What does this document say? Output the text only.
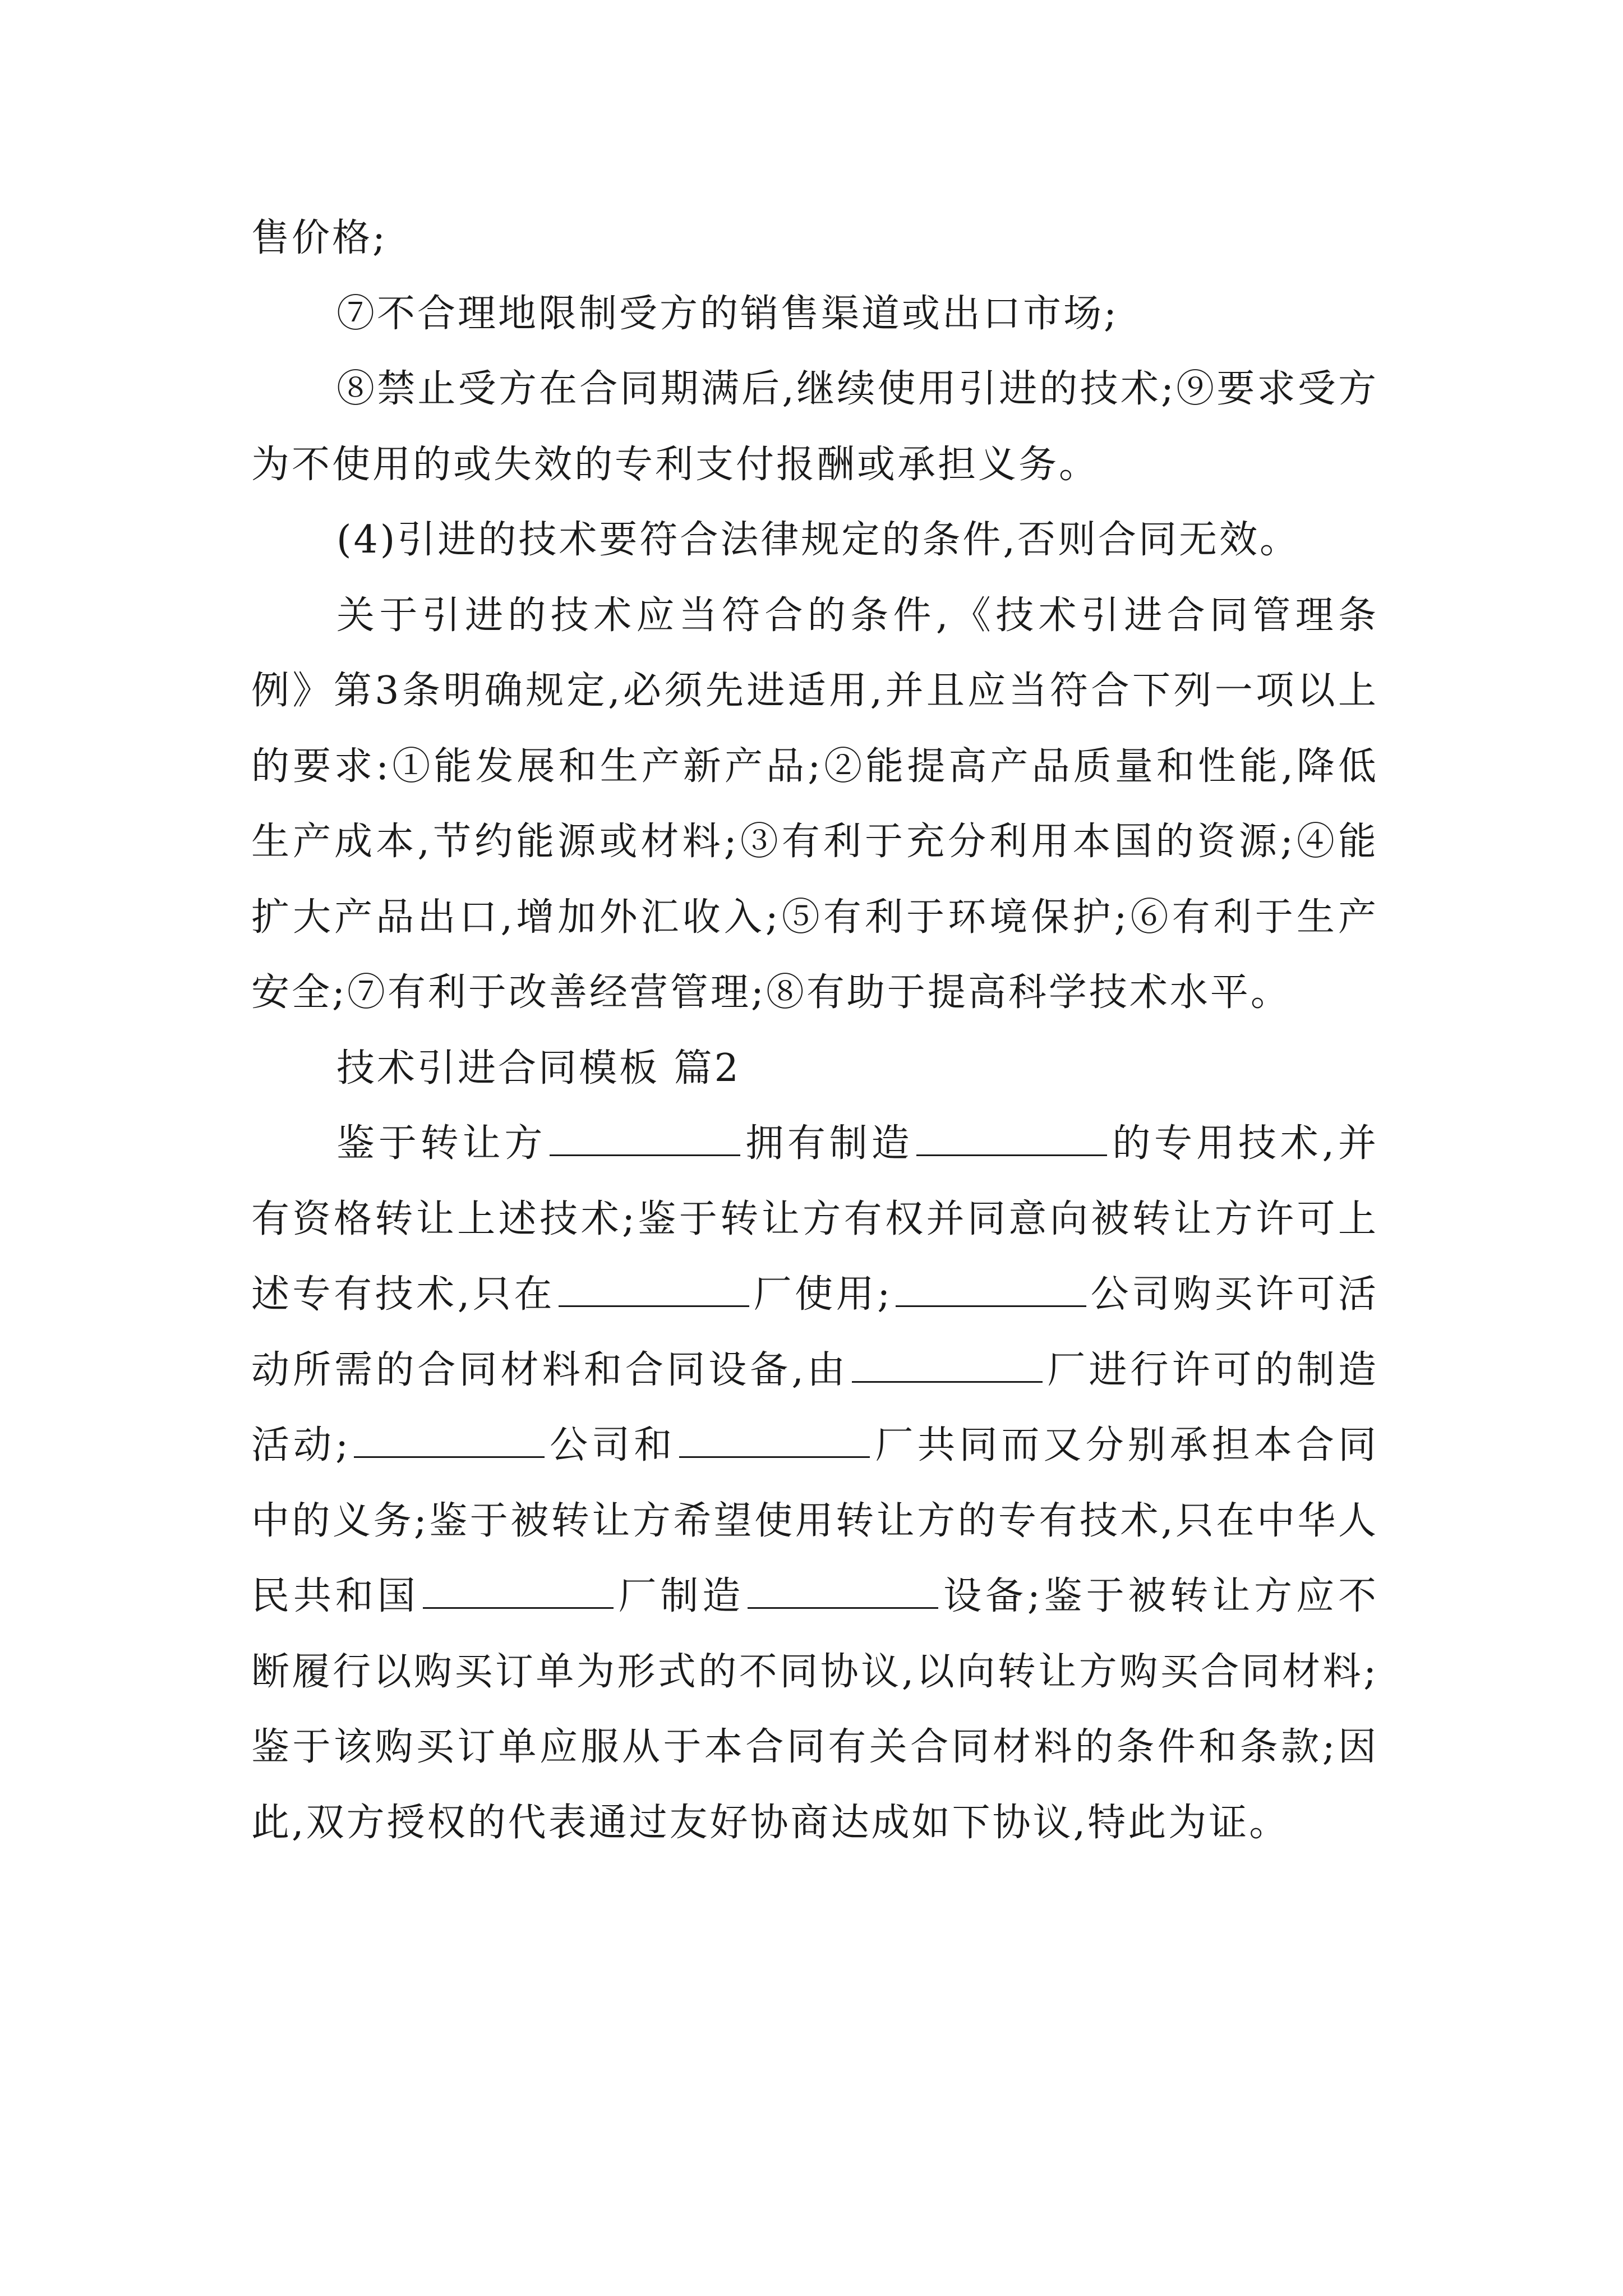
售价格;

⑦不合理地限制受方的销售渠道或出口市场;

⑧禁止受方在合同期满后,继续使用引进的技术;⑨要求受方为不使用的或失效的专利支付报酬或承担义务。

(4)引进的技术要符合法律规定的条件,否则合同无效。

关于引进的技术应当符合的条件,《技术引进合同管理条例》第3条明确规定,必须先进适用,并且应当符合下列一项以上的要求:①能发展和生产新产品;②能提高产品质量和性能,降低生产成本,节约能源或材料;③有利于充分利用本国的资源;④能扩大产品出口,增加外汇收入;⑤有利于环境保护;⑥有利于生产安全;⑦有利于改善经营管理;⑧有助于提高科学技术水平。

技术引进合同模板 篇2

鉴于转让方	拥有制造	的专用技术,并有资格转让上述技术;鉴于转让方有权并同意向被转让方许可上述专有技术,只在	厂使用;	公司购买许可活动所需的合同材料和合同设备,由	厂进行许可的制造活动;	公司和	厂共同而又分别承担本合同中的义务;鉴于被转让方希望使用转让方的专有技术,只在中华人民共和国	厂制造	设备;鉴于被转让方应不断履行以购买订单为形式的不同协议,以向转让方购买合同材料;鉴于该购买订单应服从于本合同有关合同材料的条件和条款;因此,双方授权的代表通过友好协商达成如下协议,特此为证。
